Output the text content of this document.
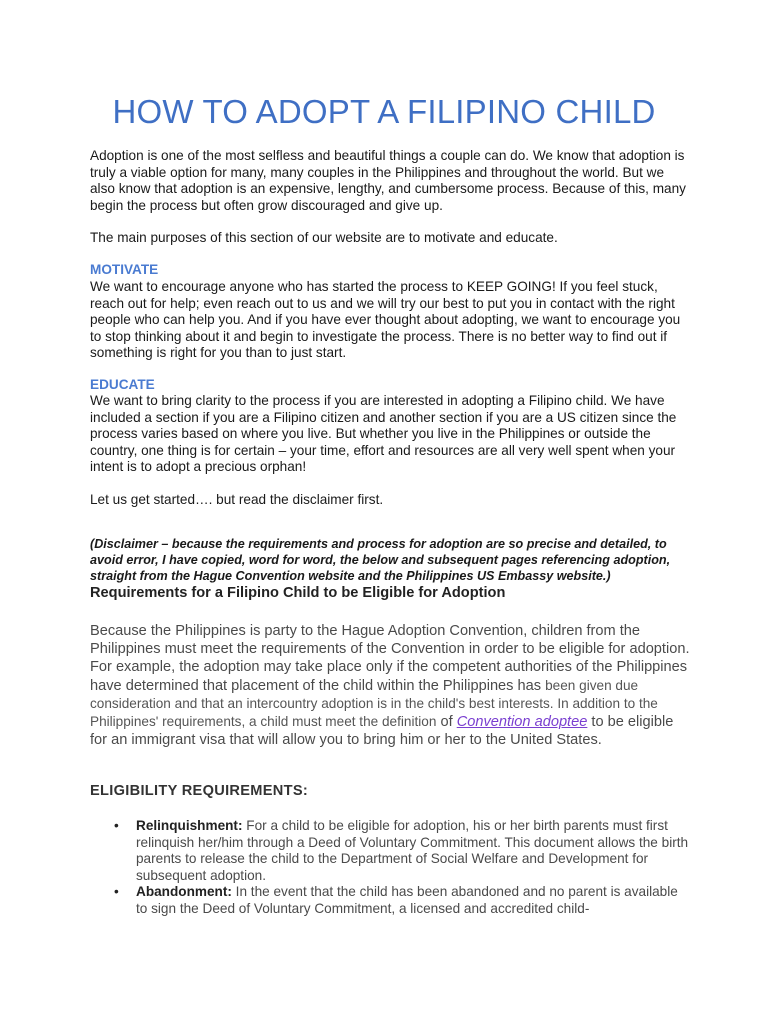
HOW TO ADOPT A FILIPINO CHILD

Adoption is one of the most selfless and beautiful things a couple can do. We know that adoption is truly a viable option for many, many couples in the Philippines and throughout the world. But we also know that adoption is an expensive, lengthy, and cumbersome process. Because of this, many begin the process but often grow discouraged and give up.

The main purposes of this section of our website are to motivate and educate.

MOTIVATE

We want to encourage anyone who has started the process to KEEP GOING! If you feel stuck, reach out for help; even reach out to us and we will try our best to put you in contact with the right people who can help you. And if you have ever thought about adopting, we want to encourage you to stop thinking about it and begin to investigate the process. There is no better way to find out if something is right for you than to just start.

EDUCATE

We want to bring clarity to the process if you are interested in adopting a Filipino child. We have included a section if you are a Filipino citizen and another section if you are a US citizen since the process varies based on where you live. But whether you live in the Philippines or outside the country, one thing is for certain – your time, effort and resources are all very well spent when your intent is to adopt a precious orphan!

Let us get started…. but read the disclaimer first.

(Disclaimer – because the requirements and process for adoption are so precise and detailed, to avoid error, I have copied, word for word, the below and subsequent pages referencing adoption, straight from the Hague Convention website and the Philippines US Embassy website.)

Requirements for a Filipino Child to be Eligible for Adoption
Because the Philippines is party to the Hague Adoption Convention, children from the Philippines must meet the requirements of the Convention in order to be eligible for adoption. For example, the adoption may take place only if the competent authorities of the Philippines have determined that placement of the child within the Philippines has been given due consideration and that an intercountry adoption is in the child's best interests. In addition to the Philippines' requirements, a child must meet the definition of Convention adoptee to be eligible for an immigrant visa that will allow you to bring him or her to the United States.
ELIGIBILITY REQUIREMENTS:
• Relinquishment: For a child to be eligible for adoption, his or her birth parents must first relinquish her/him through a Deed of Voluntary Commitment. This document allows the birth parents to release the child to the Department of Social Welfare and Development for subsequent adoption.
• Abandonment: In the event that the child has been abandoned and no parent is available to sign the Deed of Voluntary Commitment, a licensed and accredited child-
